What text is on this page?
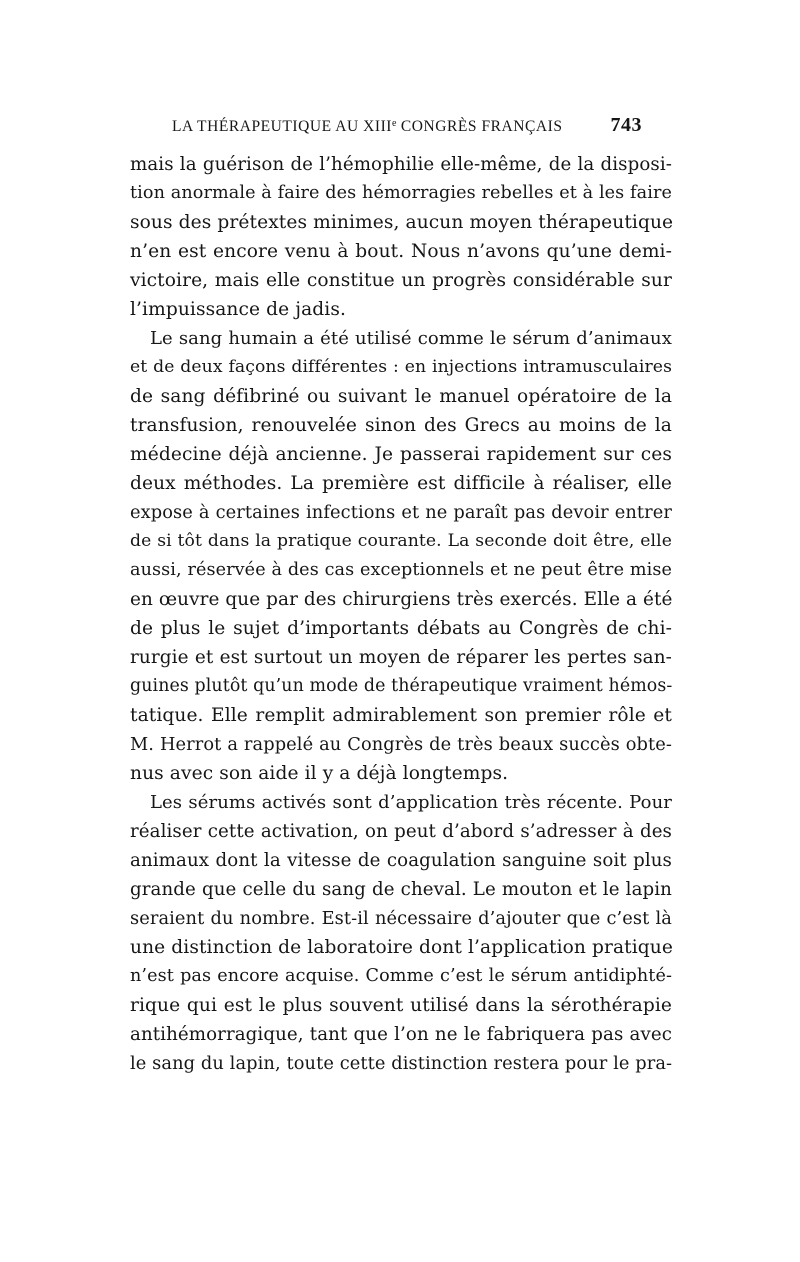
LA THÉRAPEUTIQUE AU XIIIe CONGRÈS FRANÇAIS 743
mais la guérison de l’hémophilie elle-même, de la disposi-
tion anormale à faire des hémorragies rebelles et à les faire
sous des prétextes minimes, aucun moyen thérapeutique
n’en est encore venu à bout. Nous n’avons qu’une demi-
victoire, mais elle constitue un progrès considérable sur
l’impuissance de jadis.
Le sang humain a été utilisé comme le sérum d’animaux
et de deux façons différentes : en injections intramusculaires
de sang défibriné ou suivant le manuel opératoire de la
transfusion, renouvelée sinon des Grecs au moins de la
médecine déjà ancienne. Je passerai rapidement sur ces
deux méthodes. La première est difficile à réaliser, elle
expose à certaines infections et ne paraît pas devoir entrer
de si tôt dans la pratique courante. La seconde doit être, elle
aussi, réservée à des cas exceptionnels et ne peut être mise
en œuvre que par des chirurgiens très exercés. Elle a été
de plus le sujet d’importants débats au Congrès de chi-
rurgie et est surtout un moyen de réparer les pertes san-
guines plutôt qu’un mode de thérapeutique vraiment hémos-
tatique. Elle remplit admirablement son premier rôle et
M. Herrot a rappelé au Congrès de très beaux succès obte-
nus avec son aide il y a déjà longtemps.
Les sérums activés sont d’application très récente. Pour
réaliser cette activation, on peut d’abord s’adresser à des
animaux dont la vitesse de coagulation sanguine soit plus
grande que celle du sang de cheval. Le mouton et le lapin
seraient du nombre. Est-il nécessaire d’ajouter que c’est là
une distinction de laboratoire dont l’application pratique
n’est pas encore acquise. Comme c’est le sérum antidiphté-
rique qui est le plus souvent utilisé dans la sérothérapie
antihémorragique, tant que l’on ne le fabriquera pas avec
le sang du lapin, toute cette distinction restera pour le pra-
